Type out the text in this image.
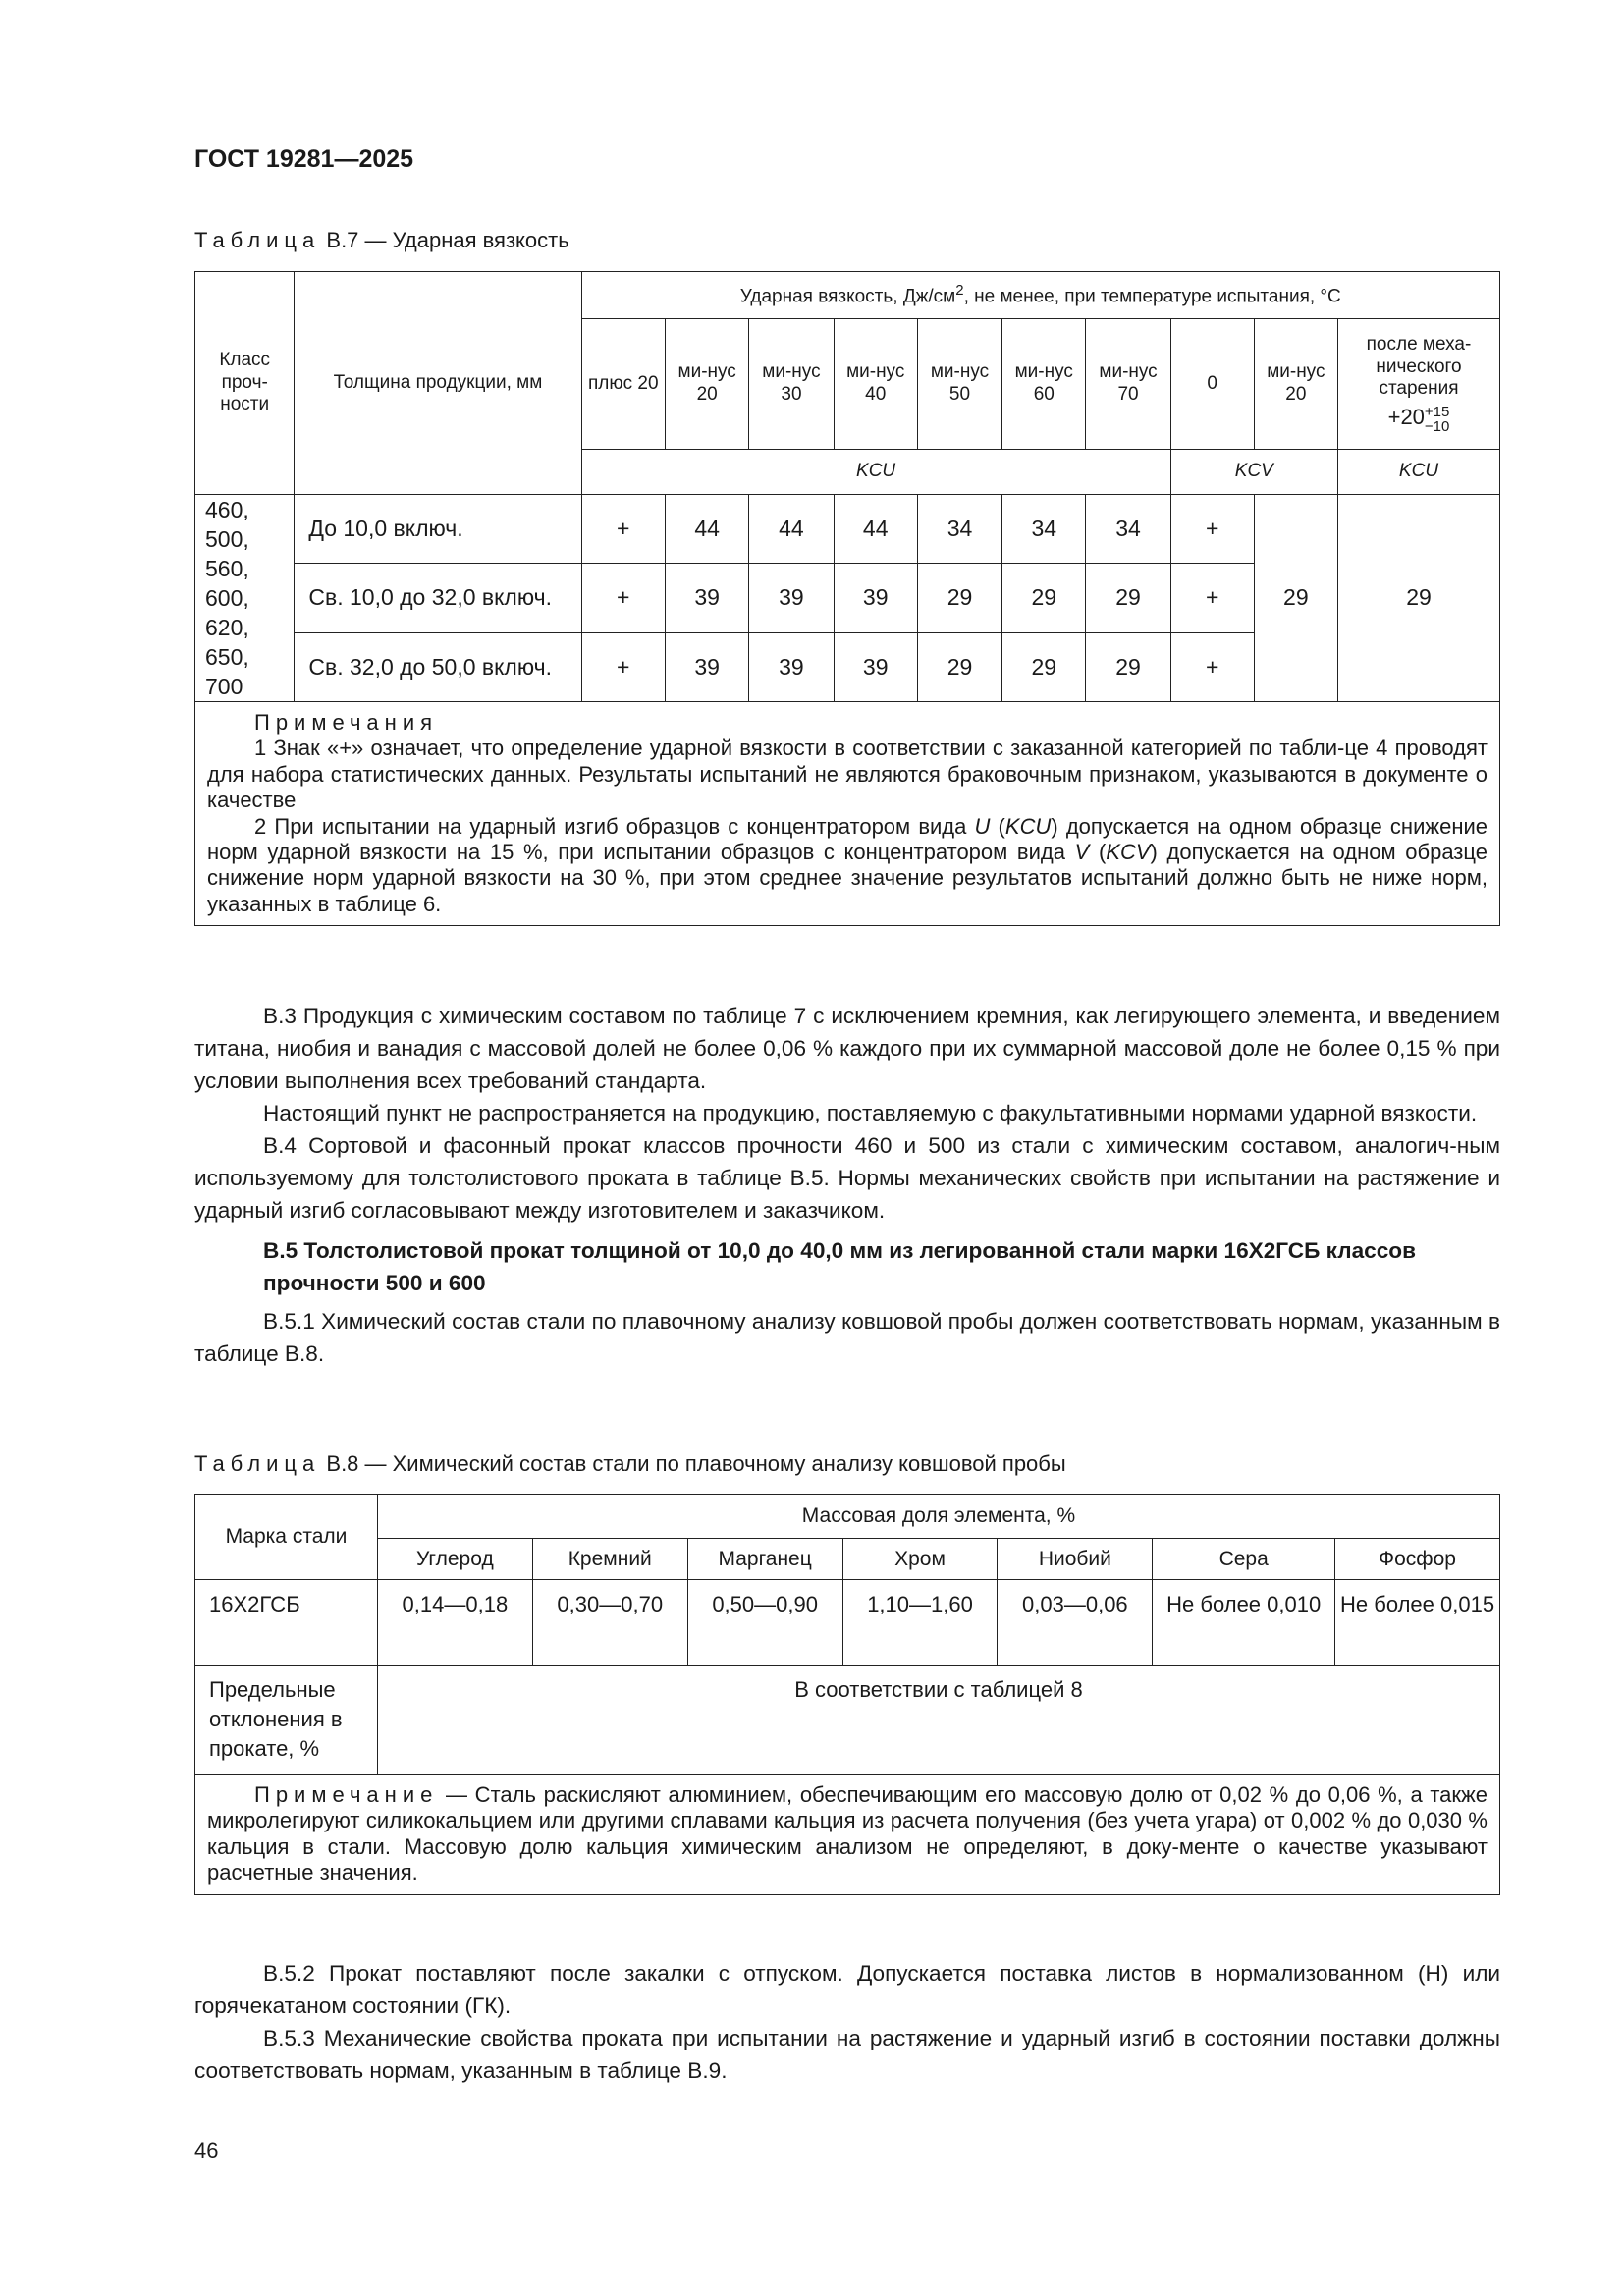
ГОСТ 19281—2025
Таблица В.7 — Ударная вязкость
Класс проч-ности	Толщина продукции, мм	Ударная вязкость, $Дж/см^2$, не менее, при температуре испытания, °С									
		плюс 20	ми-нус 20	ми-нус 30	ми-нус 40	ми-нус 50	ми-нус 60	ми-нус 70	0	ми-нус 20	после меха-нического старения
+20 +15
−10

		KCU							KCV		KCU
460, 500, 560, 600, 620, 650, 700	До 10,0 включ.	+	44	44	44	34	34	34	+	29	29
	Св. 10,0 до 32,0 включ.	+	39	39	39	29	29	29	+		
	Св. 32,0 до 50,0 включ.	+	39	39	39	29	29	29	+		

Примечания

1 Знак «+» означает, что определение ударной вязкости в соответствии с заказанной категорией по табли-це 4 проводят для набора статистических данных. Результаты испытаний не являются браковочным признаком, указываются в документе о качестве

2 При испытании на ударный изгиб образцов с концентратором вида U (KCU) допускается на одном образце снижение норм ударной вязкости на 15 %, при испытании образцов с концентратором вида V (KCV) допускается на одном образце снижение норм ударной вязкости на 30 %, при этом среднее значение результатов испытаний должно быть не ниже норм, указанных в таблице 6.											

В.3 Продукция с химическим составом по таблице 7 с исключением кремния, как легирующего элемента, и введением титана, ниобия и ванадия с массовой долей не более 0,06 % каждого при их суммарной массовой доле не более 0,15 % при условии выполнения всех требований стандарта.

Настоящий пункт не распространяется на продукцию, поставляемую с факультативными нормами ударной вязкости.

В.4 Сортовой и фасонный прокат классов прочности 460 и 500 из стали с химическим составом, аналогич-ным используемому для толстолистового проката в таблице В.5. Нормы механических свойств при испытании на растяжение и ударный изгиб согласовывают между изготовителем и заказчиком.

В.5 Толстолистовой прокат толщиной от 10,0 до 40,0 мм из легированной стали марки 16Х2ГСБ классов прочности 500 и 600

В.5.1 Химический состав стали по плавочному анализу ковшовой пробы должен соответствовать нормам, указанным в таблице В.8.

Таблица В.8 — Химический состав стали по плавочному анализу ковшовой пробы
Марка стали	Массовая доля элемента, %						
	Углерод	Кремний	Марганец	Хром	Ниобий	Сера	Фосфор
16Х2ГСБ	0,14—0,18	0,30—0,70	0,50—0,90	1,10—1,60	0,03—0,06	Не более 0,010	Не более 0,015
Предельные отклонения в прокате, %	В соответствии с таблицей 8						

Примечание — Сталь раскисляют алюминием, обеспечивающим его массовую долю от 0,02 % до 0,06 %, а также микролегируют силикокальцием или другими сплавами кальция из расчета получения (без учета угара) от 0,002 % до 0,030 % кальция в стали. Массовую долю кальция химическим анализом не определяют, в доку-менте о качестве указывают расчетные значения.							

В.5.2 Прокат поставляют после закалки с отпуском. Допускается поставка листов в нормализованном (Н) или горячекатаном состоянии (ГК).

В.5.3 Механические свойства проката при испытании на растяжение и ударный изгиб в состоянии поставки должны соответствовать нормам, указанным в таблице В.9.

46
